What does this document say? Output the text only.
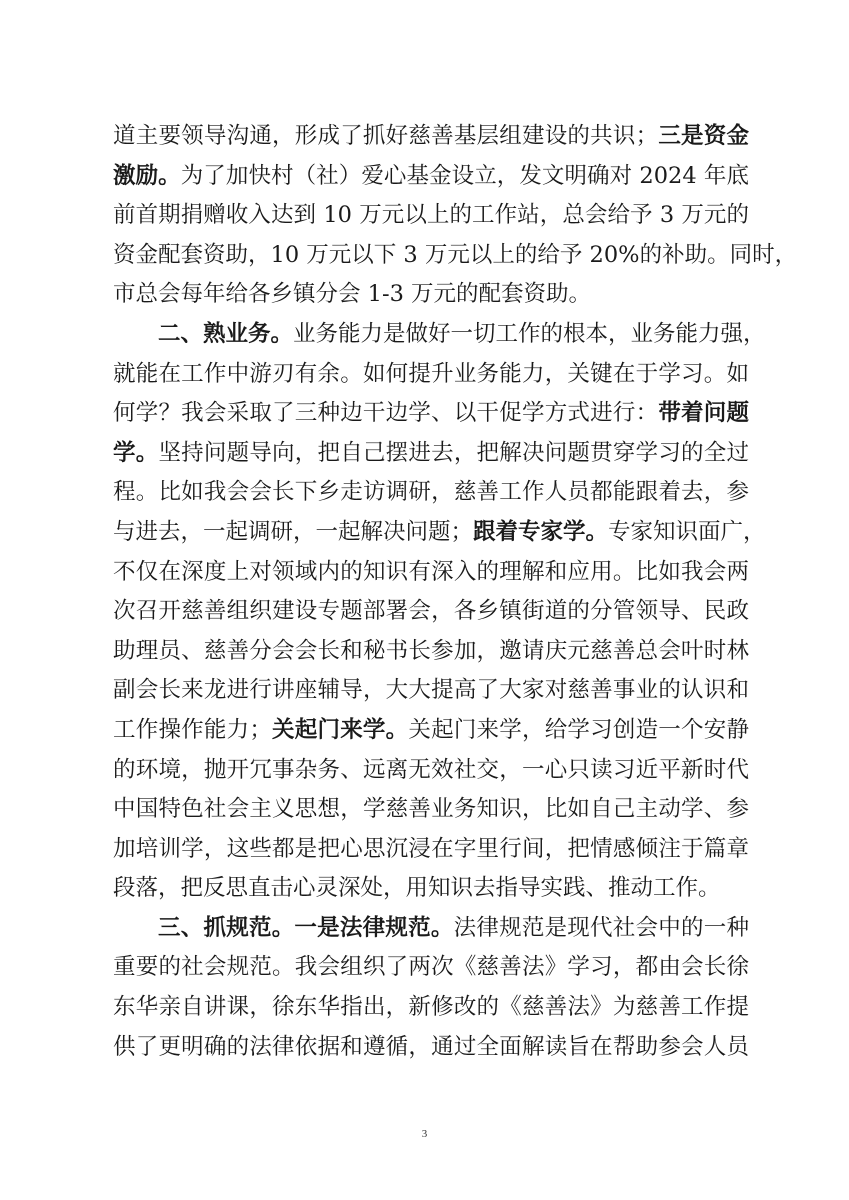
道主要领导沟通，形成了抓好慈善基层组建设的共识；三是资金
激励。为了加快村（社）爱心基金设立，发文明确对 2024 年底
前首期捐赠收入达到 10 万元以上的工作站，总会给予 3 万元的
资金配套资助，10 万元以下 3 万元以上的给予 20%的补助。同时，
市总会每年给各乡镇分会 1-3 万元的配套资助。
二、熟业务。业务能力是做好一切工作的根本，业务能力强，
就能在工作中游刃有余。如何提升业务能力，关键在于学习。如
何学？我会采取了三种边干边学、以干促学方式进行：带着问题
学。坚持问题导向，把自己摆进去，把解决问题贯穿学习的全过
程。比如我会会长下乡走访调研，慈善工作人员都能跟着去，参
与进去，一起调研，一起解决问题；跟着专家学。专家知识面广，
不仅在深度上对领域内的知识有深入的理解和应用。比如我会两
次召开慈善组织建设专题部署会，各乡镇街道的分管领导、民政
助理员、慈善分会会长和秘书长参加，邀请庆元慈善总会叶时林
副会长来龙进行讲座辅导，大大提高了大家对慈善事业的认识和
工作操作能力；关起门来学。关起门来学，给学习创造一个安静
的环境，抛开冗事杂务、远离无效社交，一心只读习近平新时代
中国特色社会主义思想，学慈善业务知识，比如自己主动学、参
加培训学，这些都是把心思沉浸在字里行间，把情感倾注于篇章
段落，把反思直击心灵深处，用知识去指导实践、推动工作。
三、抓规范。一是法律规范。法律规范是现代社会中的一种
重要的社会规范。我会组织了两次《慈善法》学习，都由会长徐
东华亲自讲课，徐东华指出，新修改的《慈善法》为慈善工作提
供了更明确的法律依据和遵循，通过全面解读旨在帮助参会人员
3
